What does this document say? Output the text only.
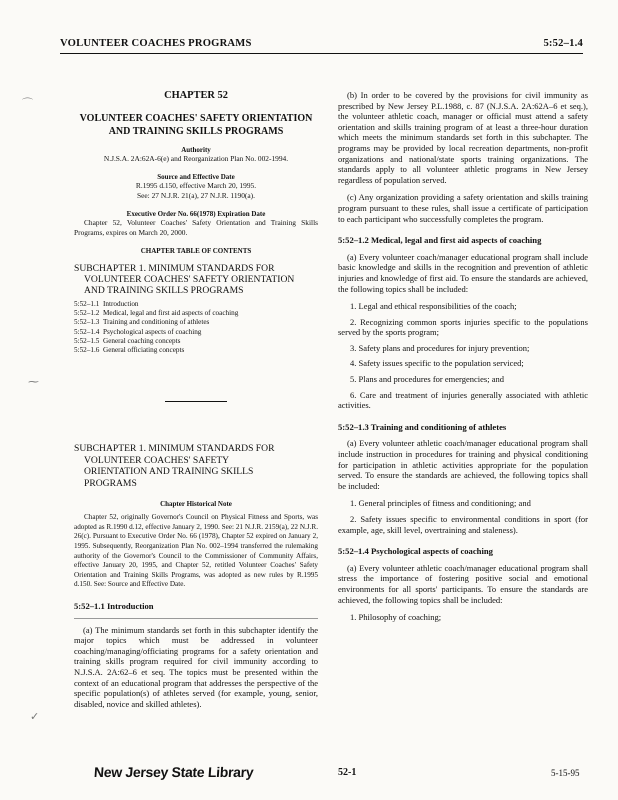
VOLUNTEER COACHES PROGRAMS	5:52–1.4
CHAPTER 52
VOLUNTEER COACHES' SAFETY ORIENTATION
AND TRAINING SKILLS PROGRAMS
Authority
N.J.S.A. 2A:62A-6(e) and Reorganization Plan No. 002-1994.
Source and Effective Date
R.1995 d.150, effective March 20, 1995.
See: 27 N.J.R. 21(a), 27 N.J.R. 1190(a).
Executive Order No. 66(1978) Expiration Date
Chapter 52, Volunteer Coaches' Safety Orientation and Training Skills Programs, expires on March 20, 2000.
CHAPTER TABLE OF CONTENTS
SUBCHAPTER 1. MINIMUM STANDARDS FOR
VOLUNTEER COACHES' SAFETY ORIENTATION
AND TRAINING SKILLS PROGRAMS
5:52–1.1 Introduction
5:52–1.2 Medical, legal and first aid aspects of coaching
5:52–1.3 Training and conditioning of athletes
5:52–1.4 Psychological aspects of coaching
5:52–1.5 General coaching concepts
5:52–1.6 General officiating concepts
SUBCHAPTER 1. MINIMUM STANDARDS FOR
VOLUNTEER COACHES' SAFETY
ORIENTATION AND TRAINING SKILLS
PROGRAMS
Chapter Historical Note
Chapter 52, originally Governor's Council on Physical Fitness and Sports, was adopted as R.1990 d.12, effective January 2, 1990. See: 21 N.J.R. 2159(a), 22 N.J.R. 26(c). Pursuant to Executive Order No. 66 (1978), Chapter 52 expired on January 2, 1995. Subsequently, Reorganization Plan No. 002–1994 transferred the rulemaking authority of the Governor's Council to the Commissioner of Community Affairs, effective January 20, 1995, and Chapter 52, retitled Volunteer Coaches' Safety Orientation and Training Skills Programs, was adopted as new rules by R.1995 d.150. See: Source and Effective Date.
5:52–1.1 Introduction
(a) The minimum standards set forth in this subchapter identify the major topics which must be addressed in volunteer coaching/managing/officiating programs for a safety orientation and training skills program required for civil immunity according to N.J.S.A. 2A:62–6 et seq. The topics must be presented within the context of an educational program that addresses the perspective of the specific population(s) of athletes served (for example, young, senior, disabled, novice and skilled athletes).
(b) In order to be covered by the provisions for civil immunity as prescribed by New Jersey P.L.1988, c. 87 (N.J.S.A. 2A:62A–6 et seq.), the volunteer athletic coach, manager or official must attend a safety orientation and skills training program of at least a three-hour duration which meets the minimum standards set forth in this subchapter. The programs may be provided by local recreation departments, non-profit organizations and national/state sports training organizations. The standards apply to all volunteer athletic programs in New Jersey regardless of population served.
(c) Any organization providing a safety orientation and skills training program pursuant to these rules, shall issue a certificate of participation to each participant who successfully completes the program.
5:52–1.2 Medical, legal and first aid aspects of coaching
(a) Every volunteer coach/manager educational program shall include basic knowledge and skills in the recognition and prevention of athletic injuries and knowledge of first aid. To ensure the standards are achieved, the following topics shall be included:
1. Legal and ethical responsibilities of the coach;
2. Recognizing common sports injuries specific to the populations served by the sports program;
3. Safety plans and procedures for injury prevention;
4. Safety issues specific to the population serviced;
5. Plans and procedures for emergencies; and
6. Care and treatment of injuries generally associated with athletic activities.
5:52–1.3 Training and conditioning of athletes
(a) Every volunteer athletic coach/manager educational program shall include instruction in procedures for training and physical conditioning for participation in athletic activities appropriate for the population served. To ensure the standards are achieved, the following topics shall be included:
1. General principles of fitness and conditioning; and
2. Safety issues specific to environmental conditions in sport (for example, age, skill level, overtraining and staleness).
5:52–1.4 Psychological aspects of coaching
(a) Every volunteer athletic coach/manager educational program shall stress the importance of fostering positive social and emotional environments for all sports' participants. To ensure the standards are achieved, the following topics shall be included:
1. Philosophy of coaching;
⌒
⁓
✓
New Jersey State Library	52-1	5-15-95
